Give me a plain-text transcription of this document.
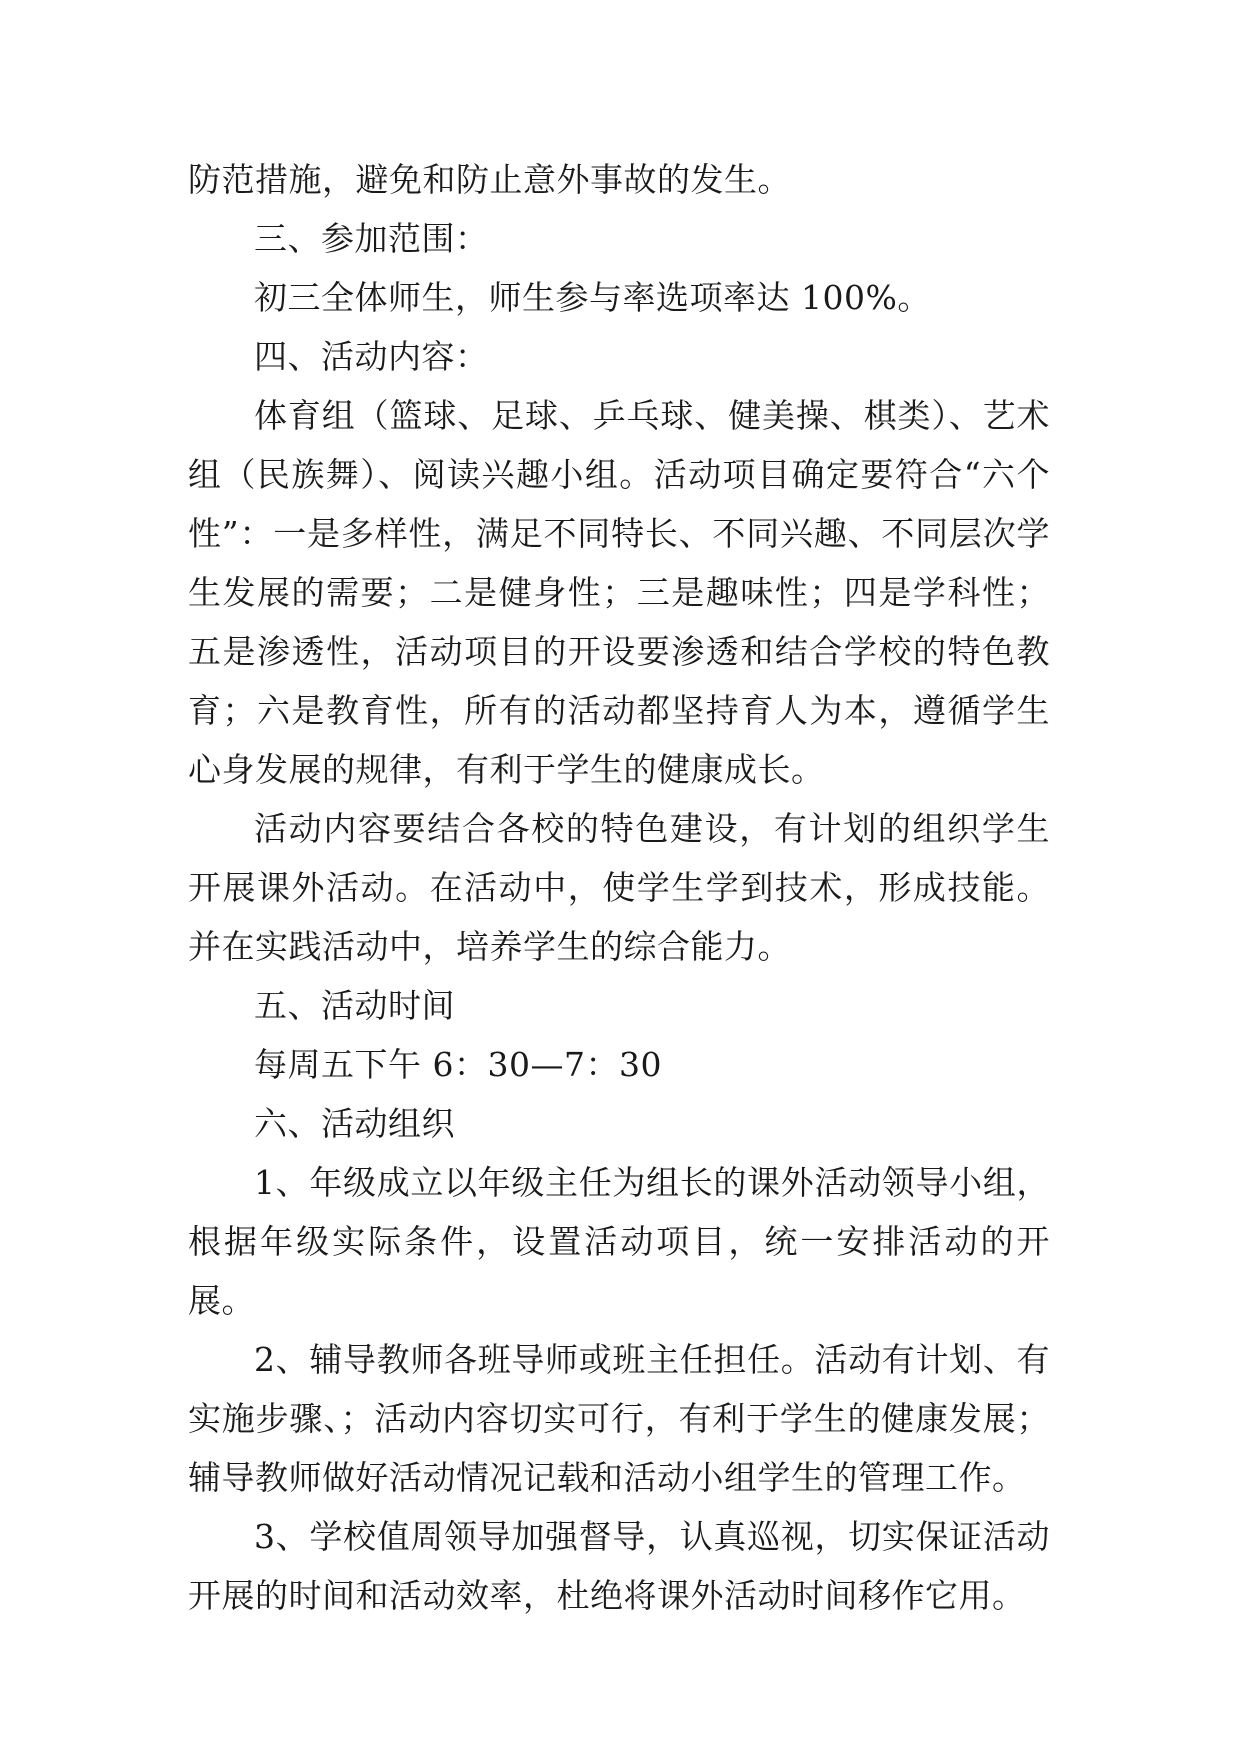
防范措施，避免和防止意外事故的发生。

三、参加范围：

初三全体师生，师生参与率选项率达 100%。

四、活动内容：

体育组（篮球、足球、乒乓球、健美操、棋类）、艺术组（民族舞）、阅读兴趣小组。活动项目确定要符合“六个性”：一是多样性，满足不同特长、不同兴趣、不同层次学生发展的需要；二是健身性；三是趣味性；四是学科性；五是渗透性，活动项目的开设要渗透和结合学校的特色教育；六是教育性，所有的活动都坚持育人为本，遵循学生心身发展的规律，有利于学生的健康成长。

活动内容要结合各校的特色建设，有计划的组织学生开展课外活动。在活动中，使学生学到技术，形成技能。并在实践活动中，培养学生的综合能力。

五、活动时间

每周五下午 6：30—7：30

六、活动组织

1、年级成立以年级主任为组长的课外活动领导小组，根据年级实际条件，设置活动项目，统一安排活动的开展。

2、辅导教师各班导师或班主任担任。活动有计划、有实施步骤、；活动内容切实可行，有利于学生的健康发展；辅导教师做好活动情况记载和活动小组学生的管理工作。

3、学校值周领导加强督导，认真巡视，切实保证活动开展的时间和活动效率，杜绝将课外活动时间移作它用。
